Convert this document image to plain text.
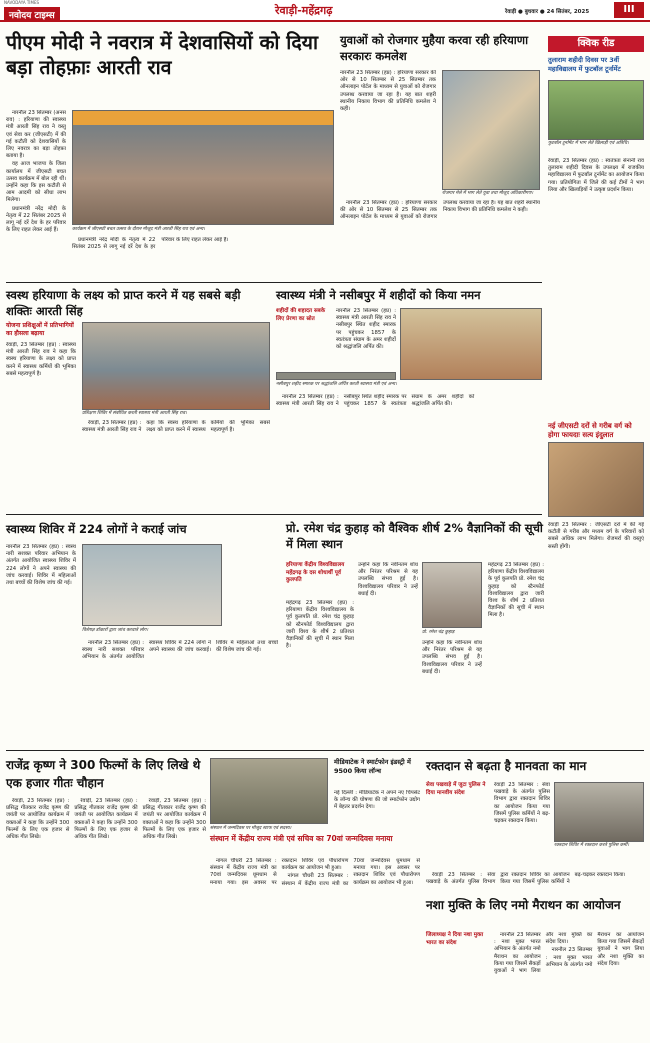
NAVODAYA TIMES
नवोदय टाइम्स	रेवाड़ी-महेंद्रगढ़	रेवाड़ी ● बुधवार ● 24 सितंबर, 2025	III
पीएम मोदी ने नवरात्र में देशवासियों को दिया बड़ा तोहफ़ाः आरती राव

नारनौल 23 सितम्बर (अनस राव) : हरियाणा की स्वास्थ्य मंत्री आरती सिंह राव ने वस्तु एवं सेवा कर (जीएसटी) में की गई कटौती को देशवासियों के लिए नवरात्र का बड़ा तोहफ़ा बताया है।

वह आज भाजपा के जिला कार्यालय में जीएसटी बचत उत्सव कार्यक्रम में बोल रही थीं। उन्होंने कहा कि इस कटौती से आम आदमी को सीधा लाभ मिलेगा।

प्रधानमंत्री नरेंद्र मोदी के नेतृत्व में 22 सितंबर 2025 से लागू नई दरें देश के हर परिवार के लिए राहत लेकर आई हैं।	कार्यक्रम में जीएसटी बचत उत्सव के दौरान मौजूद मंत्री आरती सिंह राव एवं अन्य।

प्रधानमंत्री नरेंद्र मोदी के नेतृत्व में 22 सितंबर 2025 से लागू नई दरें देश के हर परिवार के लिए राहत लेकर आई हैं।

युवाओं को रोजगार मुहैया करवा रही हरियाणा सरकारः कमलेश
नारनौल 23 सितम्बर (हप्र) : हरियाणा सरकार की ओर से 10 सितम्बर से 25 सितम्बर तक ऑनलाइन पोर्टल के माध्यम से युवाओं को रोजगार उपलब्ध करवाया जा रहा है। यह बात शहरी स्थानीय निकाय विभाग की प्रतिनिधि कमलेश ने कही।
रोजगार मेले में भाग लेते युवा तथा मौजूद अधिकारीगण।

नारनौल 23 सितम्बर (हप्र) : हरियाणा सरकार की ओर से 10 सितम्बर से 25 सितम्बर तक ऑनलाइन पोर्टल के माध्यम से युवाओं को रोजगार उपलब्ध करवाया जा रहा है। यह बात शहरी स्थानीय निकाय विभाग की प्रतिनिधि कमलेश ने कही।

क्विक रीड
तुलाराम शहीदी दिवस पर 3वीं महाविद्यालय में फुटबॉल टूर्नामेंट
फुटबॉल टूर्नामेंट में भाग लेते खिलाड़ी एवं अतिथि।
रेवाड़ी, 23 सितम्बर (हप्र) : स्वतंत्रता सेनानी राव तुलाराम शहीदी दिवस के उपलक्ष्य में राजकीय महाविद्यालय में फुटबॉल टूर्नामेंट का आयोजन किया गया। प्रतियोगिता में जिले की कई टीमों ने भाग लिया और खिलाड़ियों ने उत्कृष्ट प्रदर्शन किया।
नई जीएसटी दरों से गरीब वर्ग को होगा फायदाः सत्य इंदुलात
रेवाड़ी 23 सितम्बर : जीएसटी दरों में की गई कटौती से गरीब और मध्यम वर्ग के परिवारों को सबसे अधिक लाभ मिलेगा। रोजमर्रा की वस्तुएं सस्ती होंगी।
स्वस्थ हरियाणा के लक्ष्य को प्राप्त करने में यह सबसे बड़ी शक्तिः आरती सिंह
योजना प्रशिक्षुओं में प्रतिभागियों का हौसला बढ़ाया
रेवाड़ी, 23 सितम्बर (हप्र) : स्वास्थ्य मंत्री आरती सिंह राव ने कहा कि स्वस्थ हरियाणा के लक्ष्य को प्राप्त करने में स्वास्थ्य कर्मियों की भूमिका सबसे महत्वपूर्ण है।
प्रशिक्षण शिविर में संबोधित करती स्वास्थ्य मंत्री आरती सिंह राव।

रेवाड़ी, 23 सितम्बर (हप्र) : स्वास्थ्य मंत्री आरती सिंह राव ने कहा कि स्वस्थ हरियाणा के लक्ष्य को प्राप्त करने में स्वास्थ्य कर्मियों की भूमिका सबसे महत्वपूर्ण है।

स्वास्थ्य मंत्री ने नसीबपुर में शहीदों को किया नमन
शहीदों की शहादत सबके लिए प्रेरणा का स्रोत
नारनौल 23 सितम्बर (हप्र) : स्वास्थ्य मंत्री आरती सिंह राव ने नसीबपुर स्थित शहीद स्मारक पर पहुंचकर 1857 के स्वतंत्रता संग्राम के अमर शहीदों को श्रद्धांजलि अर्पित की।
नसीबपुर शहीद स्मारक पर श्रद्धांजलि अर्पित करती स्वास्थ्य मंत्री एवं अन्य।

नारनौल 23 सितम्बर (हप्र) : स्वास्थ्य मंत्री आरती सिंह राव ने नसीबपुर स्थित शहीद स्मारक पर पहुंचकर 1857 के स्वतंत्रता संग्राम के अमर शहीदों को श्रद्धांजलि अर्पित की।

स्वास्थ्य शिविर में 224 लोगों ने कराई जांच
नारनौल 23 सितम्बर (हप्र) : स्वस्थ नारी सशक्त परिवार अभियान के अंतर्गत आयोजित स्वास्थ्य शिविर में 224 लोगों ने अपने स्वास्थ्य की जांच करवाई। शिविर में महिलाओं तथा बच्चों की विशेष जांच की गई।
विशेषज्ञ डॉक्टरों द्वारा जांच करवाते लोग।

नारनौल 23 सितम्बर (हप्र) : स्वस्थ नारी सशक्त परिवार अभियान के अंतर्गत आयोजित स्वास्थ्य शिविर में 224 लोगों ने अपने स्वास्थ्य की जांच करवाई। शिविर में महिलाओं तथा बच्चों की विशेष जांच की गई।

प्रो. रमेश चंद्र कुहाड़ को वैश्विक शीर्ष 2% वैज्ञानिकों की सूची में मिला स्थान
हरियाणा केंद्रीय विश्वविद्यालय महेंद्रगढ़ के दस शोधार्थी पूर्व कुलपति
महेंद्रगढ़ 23 सितम्बर (हप्र) : हरियाणा केंद्रीय विश्वविद्यालय के पूर्व कुलपति प्रो. रमेश चंद्र कुहाड़ को स्टैनफोर्ड विश्वविद्यालय द्वारा जारी विश्व के शीर्ष 2 प्रतिशत वैज्ञानिकों की सूची में स्थान मिला है।
उन्होंने कहा कि नवीनतम शोध और निरंतर परिश्रम से यह उपलब्धि संभव हुई है। विश्वविद्यालय परिवार ने उन्हें बधाई दी।
प्रो. रमेश चंद्र कुहाड़
महेंद्रगढ़ 23 सितम्बर (हप्र) : हरियाणा केंद्रीय विश्वविद्यालय के पूर्व कुलपति प्रो. रमेश चंद्र कुहाड़ को स्टैनफोर्ड विश्वविद्यालय द्वारा जारी विश्व के शीर्ष 2 प्रतिशत वैज्ञानिकों की सूची में स्थान मिला है।
उन्होंने कहा कि नवीनतम शोध और निरंतर परिश्रम से यह उपलब्धि संभव हुई है। विश्वविद्यालय परिवार ने उन्हें बधाई दी।
राजेंद्र कृष्ण ने 300 फिल्मों के लिए लिखे थे एक हजार गीतः चौहान

रेवाड़ी, 23 सितम्बर (हप्र) : प्रसिद्ध गीतकार राजेंद्र कृष्ण की जयंती पर आयोजित कार्यक्रम में वक्ताओं ने कहा कि उन्होंने 300 फिल्मों के लिए एक हजार से अधिक गीत लिखे।

रेवाड़ी, 23 सितम्बर (हप्र) : प्रसिद्ध गीतकार राजेंद्र कृष्ण की जयंती पर आयोजित कार्यक्रम में वक्ताओं ने कहा कि उन्होंने 300 फिल्मों के लिए एक हजार से अधिक गीत लिखे।

रेवाड़ी, 23 सितम्बर (हप्र) : प्रसिद्ध गीतकार राजेंद्र कृष्ण की जयंती पर आयोजित कार्यक्रम में वक्ताओं ने कहा कि उन्होंने 300 फिल्मों के लिए एक हजार से अधिक गीत लिखे।

संस्थान में जन्मदिवस पर मौजूद स्टाफ एवं सदस्य।
संस्थान में केंद्रीय राज्य मंत्री एवं सचिव का 70वां जन्मदिवस मनाया

नांगल चौधरी 23 सितम्बर : संस्थान में केंद्रीय राज्य मंत्री का 70वां जन्मदिवस धूमधाम से मनाया गया। इस अवसर पर रक्तदान शिविर एवं पौधारोपण कार्यक्रम का आयोजन भी हुआ।

नांगल चौधरी 23 सितम्बर : संस्थान में केंद्रीय राज्य मंत्री का 70वां जन्मदिवस धूमधाम से मनाया गया। इस अवसर पर रक्तदान शिविर एवं पौधारोपण कार्यक्रम का आयोजन भी हुआ।

मीडियाटेक ने स्मार्टफोन इंडस्ट्री में 9500 किया लॉन्च
नई दिल्ली : मीडियाटेक ने अपने नए चिपसेट के लॉन्च की घोषणा की जो स्मार्टफोन उद्योग में बेहतर प्रदर्शन देगा।
रक्तदान से बढ़ता है मानवता का मान
सेवा पखवाड़े में जुटा पुलिस ने दिया मानवीय संदेश
रेवाड़ी 23 सितम्बर : सेवा पखवाड़े के अंतर्गत पुलिस विभाग द्वारा रक्तदान शिविर का आयोजन किया गया जिसमें पुलिस कर्मियों ने बढ़-चढ़कर रक्तदान किया।
रक्तदान शिविर में रक्तदान करते पुलिस कर्मी।

रेवाड़ी 23 सितम्बर : सेवा पखवाड़े के अंतर्गत पुलिस विभाग द्वारा रक्तदान शिविर का आयोजन किया गया जिसमें पुलिस कर्मियों ने बढ़-चढ़कर रक्तदान किया।

नशा मुक्ति के लिए नमो मैराथन का आयोजन
जिलाध्यक्ष ने दिया नशा मुक्त भारत का संदेश

नारनौल 23 सितम्बर : नशा मुक्त भारत अभियान के अंतर्गत नमो मैराथन का आयोजन किया गया जिसमें सैकड़ों युवाओं ने भाग लिया और नशा मुक्ति का संदेश दिया।

नारनौल 23 सितम्बर : नशा मुक्त भारत अभियान के अंतर्गत नमो मैराथन का आयोजन किया गया जिसमें सैकड़ों युवाओं ने भाग लिया और नशा मुक्ति का संदेश दिया।
